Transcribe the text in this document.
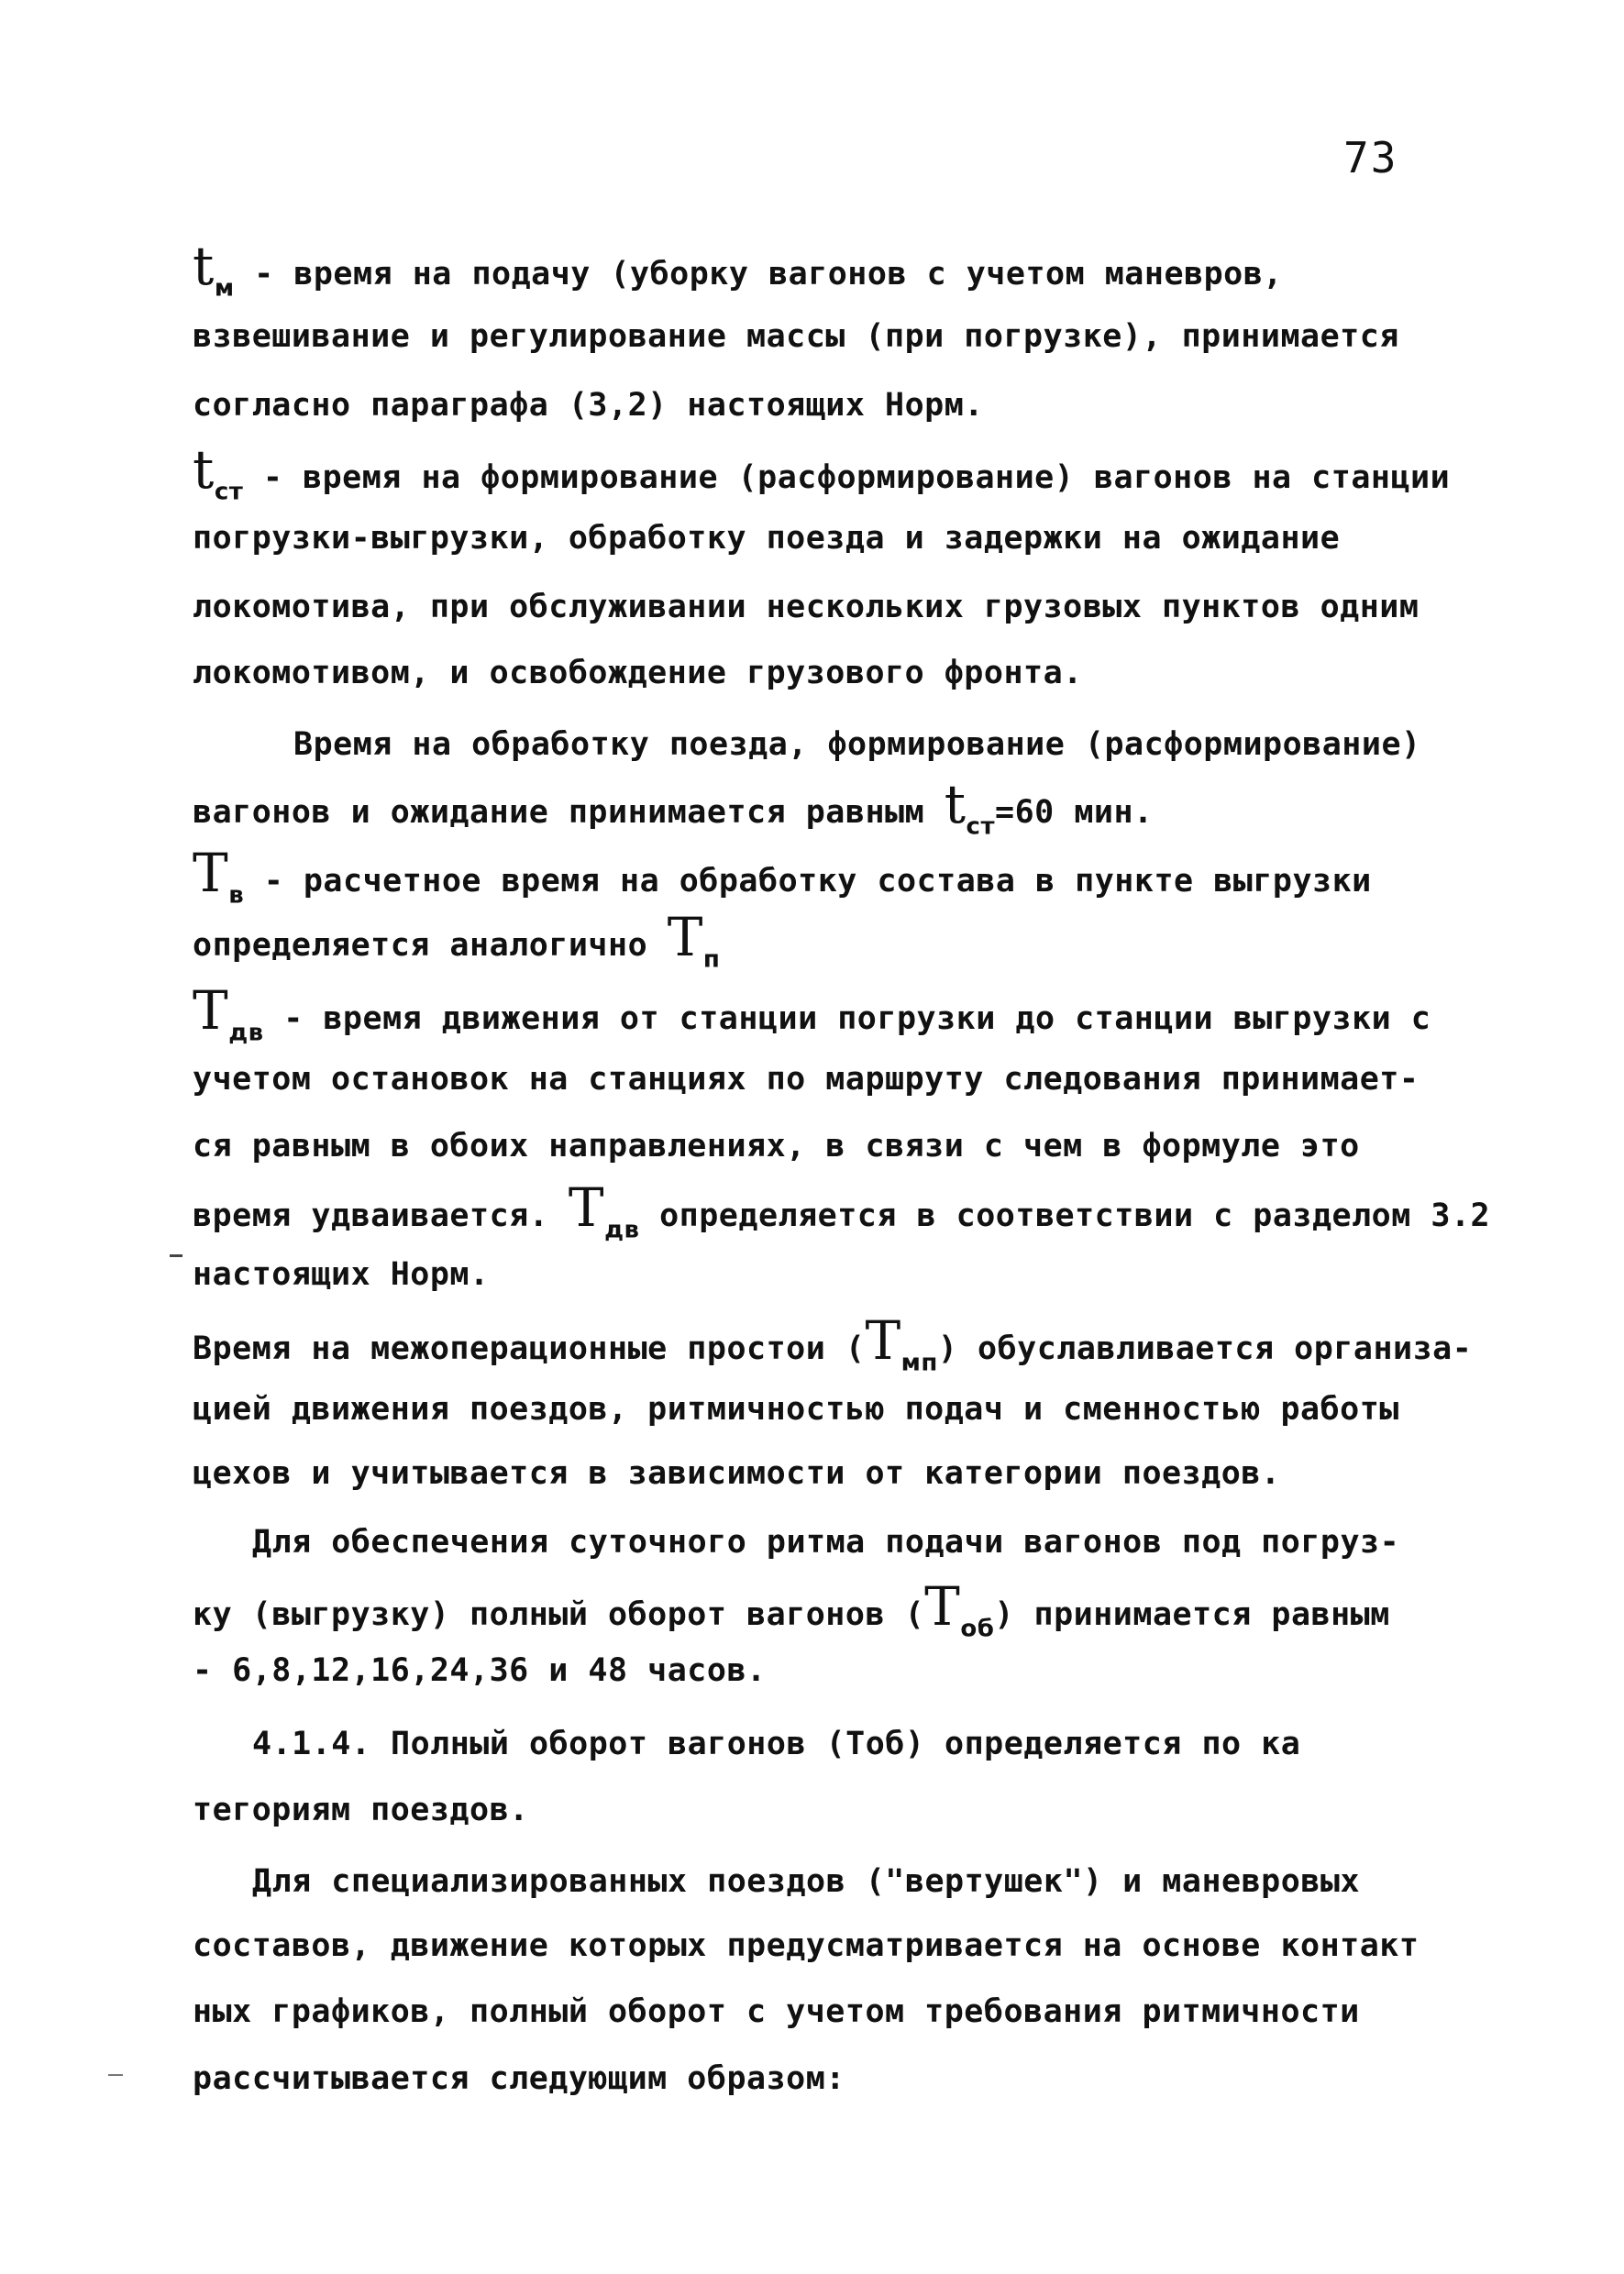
73
$t_м$ - время на подачу (уборку вагонов с учетом маневров,
взвешивание и регулирование массы (при погрузке), принимается
согласно параграфа (3,2) настоящих Норм.
$t_{ст}$ - время на формирование (расформирование) вагонов на станции
погрузки-выгрузки, обработку поезда и задержки на ожидание
локомотива, при обслуживании нескольких грузовых пунктов одним
локомотивом, и освобождение грузового фронта.
Время на обработку поезда, формирование (расформирование)
вагонов и ожидание принимается равным $t_{ст}=60$ мин.
$T_в$ - расчетное время на обработку состава в пункте выгрузки
определяется аналогично $T_п$
$T_{дв}$ - время движения от станции погрузки до станции выгрузки с
учетом остановок на станциях по маршруту следования принимает-
ся равным в обоих направлениях, в связи с чем в формуле это
время удваивается. $T_{дв}$ определяется в соответствии с разделом 3.2
настоящих Норм.
Время на межоперационные простои $(T_{мп})$ обуславливается организа-
цией движения поездов, ритмичностью подач и сменностью работы
цехов и учитывается в зависимости от категории поездов.
Для обеспечения суточного ритма подачи вагонов под погруз-
ку (выгрузку) полный оборот вагонов $(T_{об})$ принимается равным
- 6,8,12,16,24,36 и 48 часов.
4.1.4. Полный оборот вагонов (Тоб) определяется по ка
тегориям поездов.
Для специализированных поездов ("вертушек") и маневровых
составов, движение которых предусматривается на основе контакт
ных графиков, полный оборот с учетом требования ритмичности
рассчитывается следующим образом:
